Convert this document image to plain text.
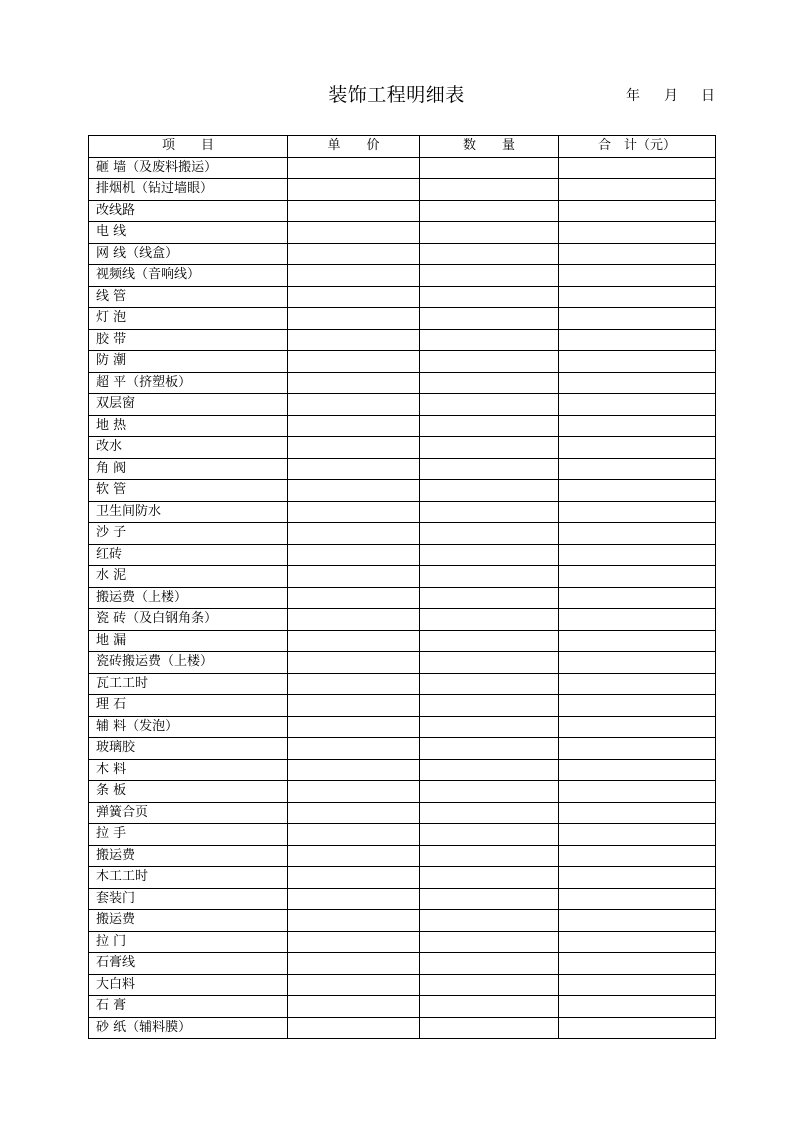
装饰工程明细表	年 月 日
项　　目	单　　价	数　　量	合　计（元）
砸 墙（及废料搬运）			
排烟机（钻过墙眼）			
改线路			
电 线			
网 线（线盒）			
视频线（音响线）			
线 管			
灯 泡			
胶 带			
防 潮			
超 平（挤塑板）			
双层窗			
地 热			
改水			
角 阀			
软 管			
卫生间防水			
沙 子			
红砖			
水 泥			
搬运费（上楼）			
瓷 砖（及白钢角条）			
地 漏			
瓷砖搬运费（上楼）			
瓦工工时			
理 石			
辅 料（发泡）			
玻璃胶			
木 料			
条 板			
弹簧合页			
拉 手			
搬运费			
木工工时			
套装门			
搬运费			
拉 门			
石膏线			
大白料			
石 膏			
砂 纸（辅料膜）			
